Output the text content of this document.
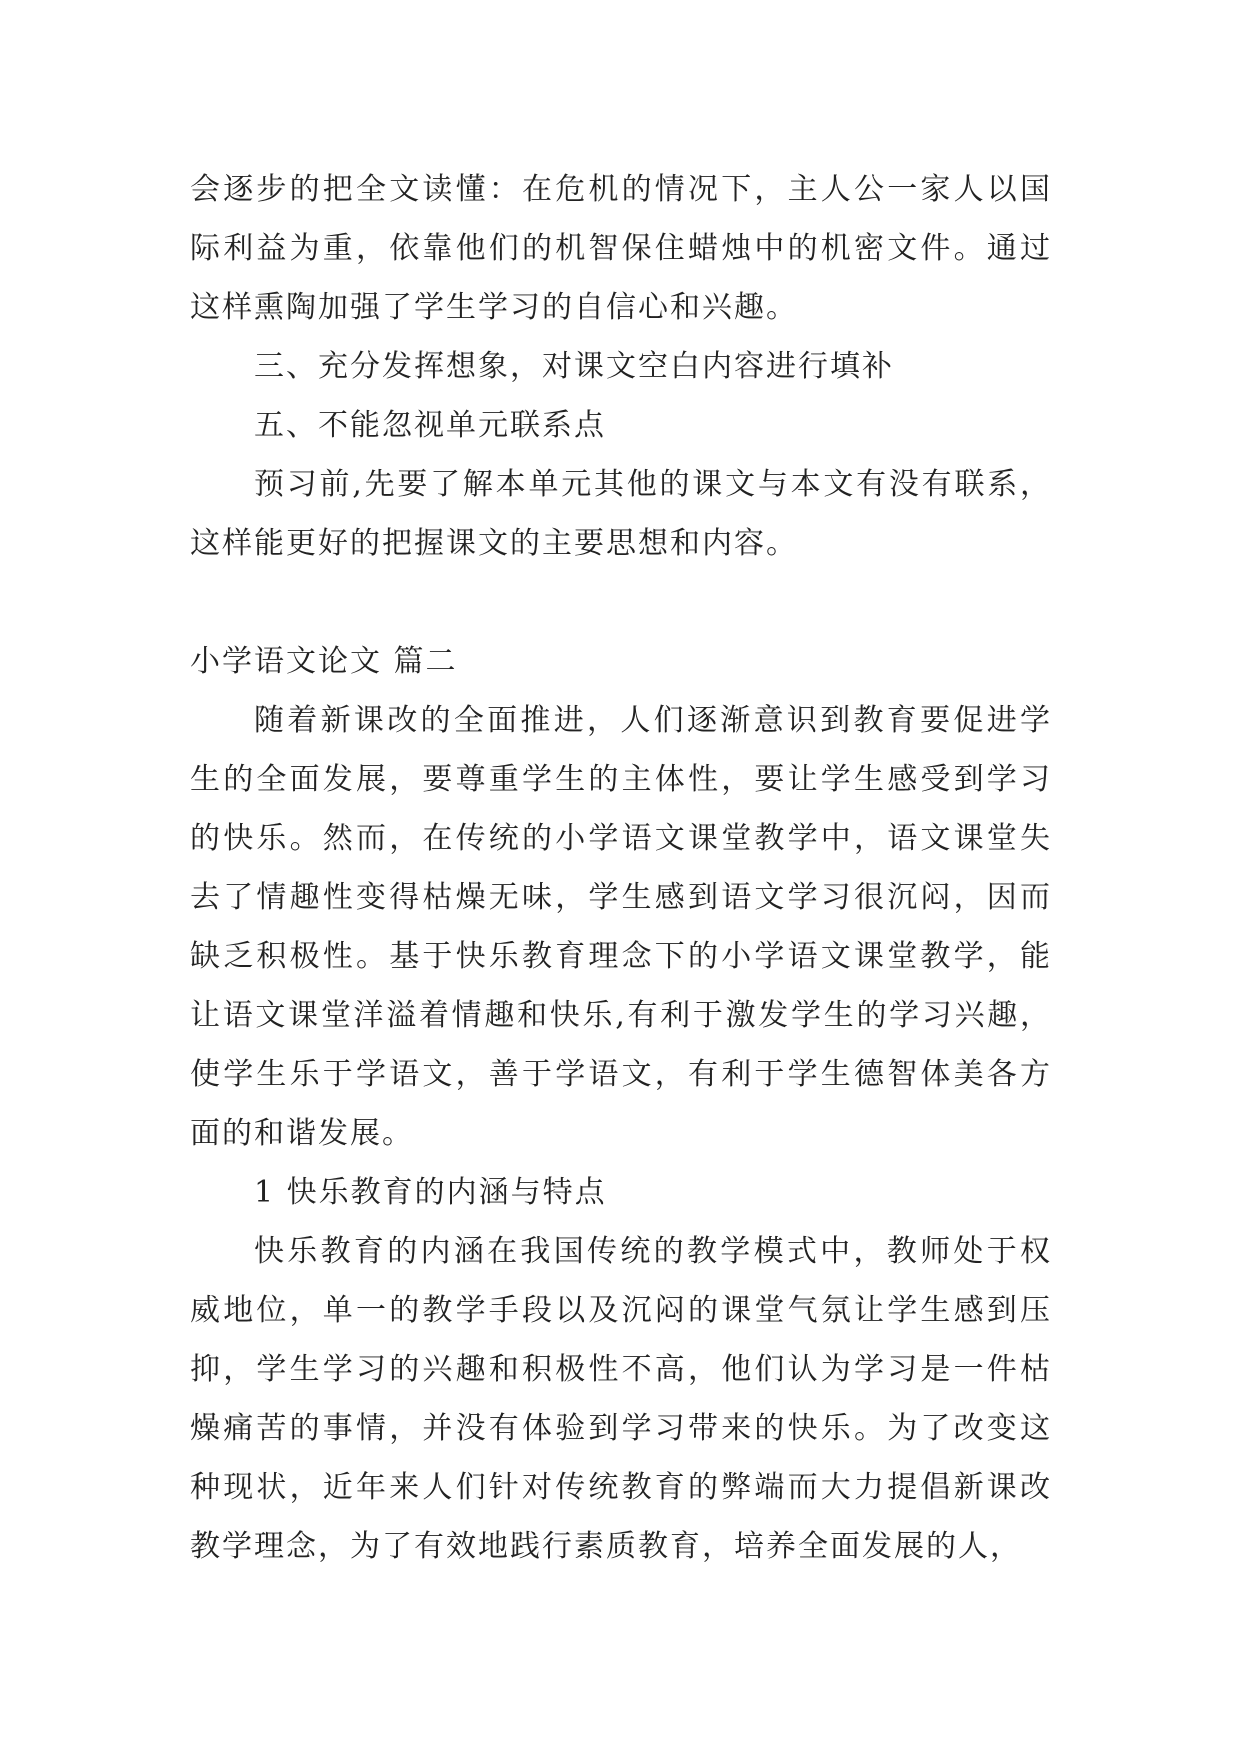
会逐步的把全文读懂：在危机的情况下，主人公一家人以国际利益为重，依靠他们的机智保住蜡烛中的机密文件。通过这样熏陶加强了学生学习的自信心和兴趣。

三、充分发挥想象，对课文空白内容进行填补

五、不能忽视单元联系点

预习前,先要了解本单元其他的课文与本文有没有联系，这样能更好的把握课文的主要思想和内容。

小学语文论文 篇二

随着新课改的全面推进，人们逐渐意识到教育要促进学生的全面发展，要尊重学生的主体性，要让学生感受到学习的快乐。然而，在传统的小学语文课堂教学中，语文课堂失去了情趣性变得枯燥无味，学生感到语文学习很沉闷，因而缺乏积极性。基于快乐教育理念下的小学语文课堂教学，能让语文课堂洋溢着情趣和快乐,有利于激发学生的学习兴趣，使学生乐于学语文，善于学语文，有利于学生德智体美各方面的和谐发展。

1 快乐教育的内涵与特点

快乐教育的内涵在我国传统的教学模式中，教师处于权威地位，单一的教学手段以及沉闷的课堂气氛让学生感到压抑，学生学习的兴趣和积极性不高，他们认为学习是一件枯燥痛苦的事情，并没有体验到学习带来的快乐。为了改变这种现状，近年来人们针对传统教育的弊端而大力提倡新课改教学理念，为了有效地践行素质教育，培养全面发展的人，
